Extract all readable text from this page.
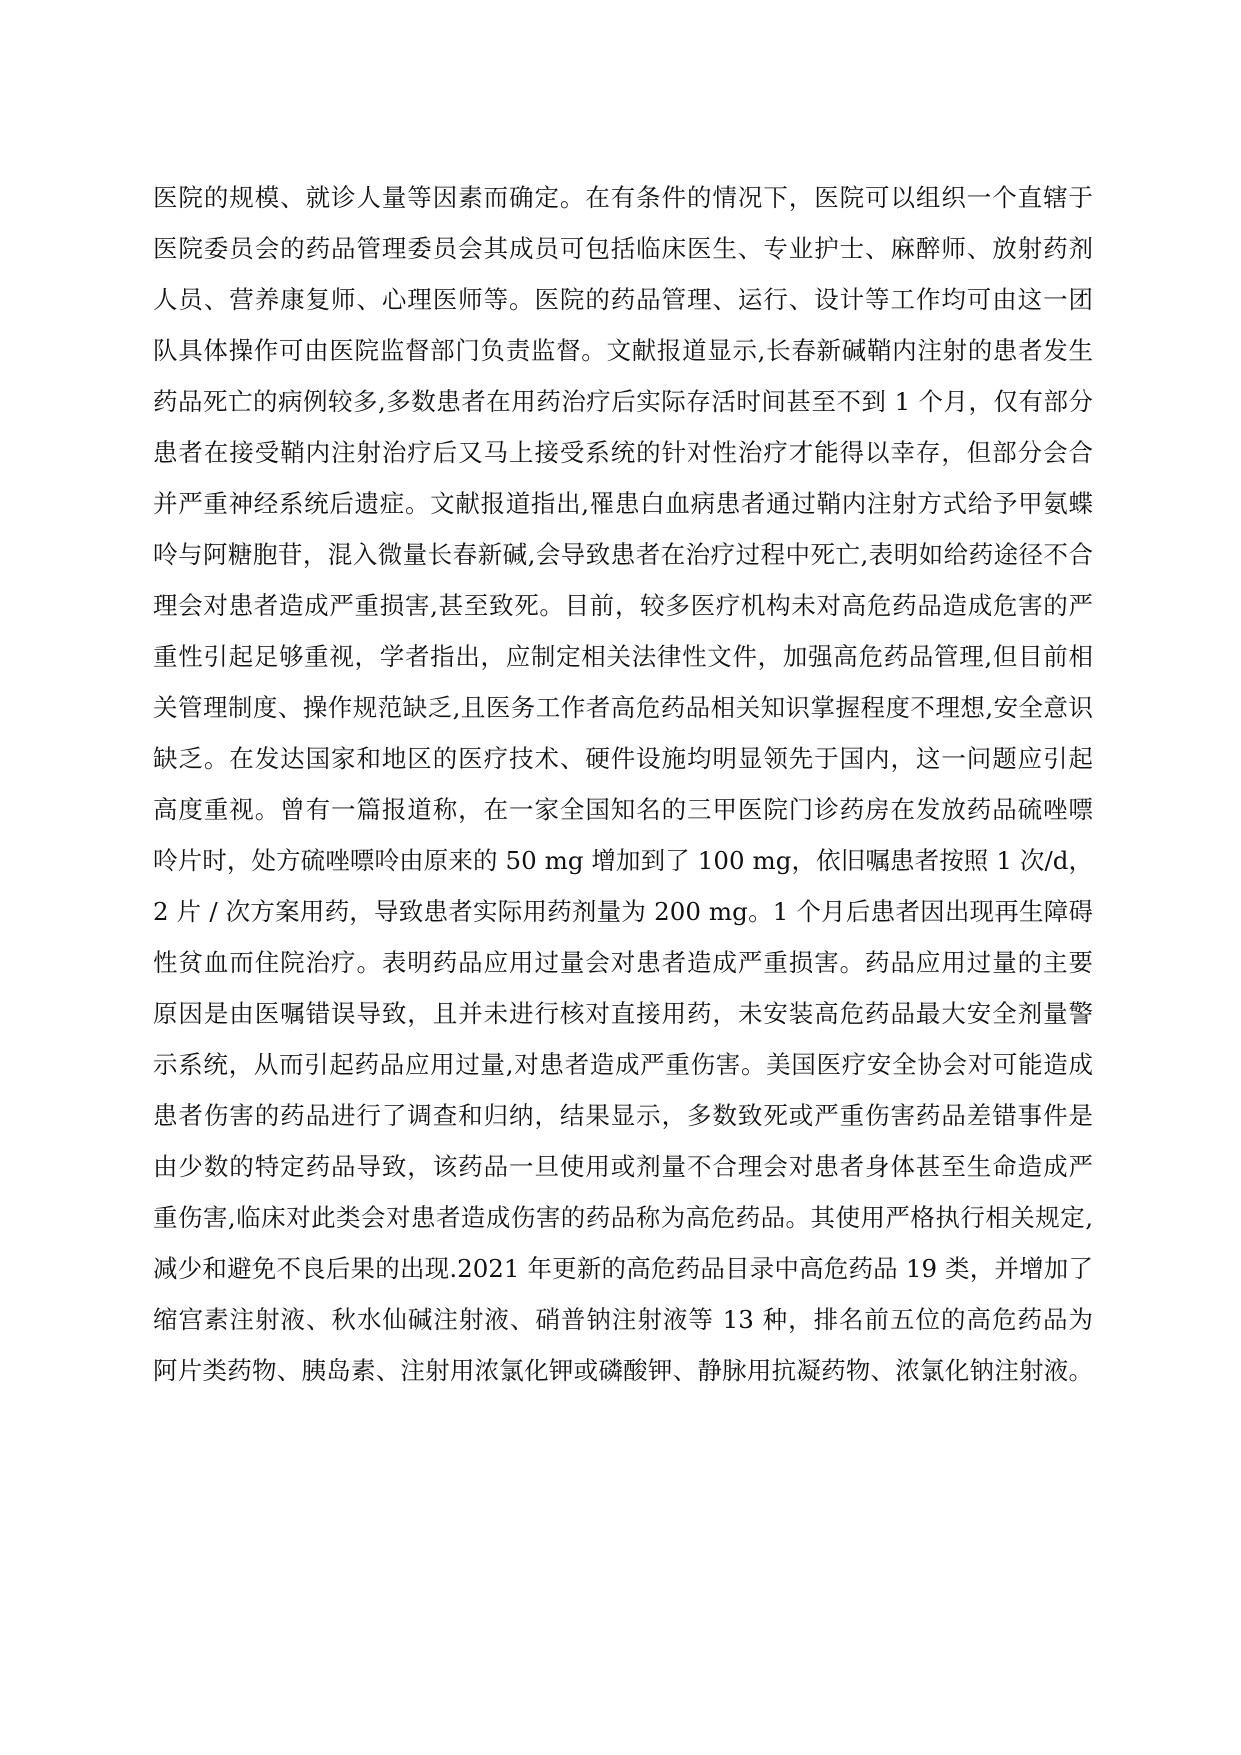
医院的规模、就诊人量等因素而确定。在有条件的情况下，医院可以组织一个直辖于
医院委员会的药品管理委员会其成员可包括临床医生、专业护士、麻醉师、放射药剂
人员、营养康复师、心理医师等。医院的药品管理、运行、设计等工作均可由这一团
队具体操作可由医院监督部门负责监督。文献报道显示,长春新碱鞘内注射的患者发生
药品死亡的病例较多,多数患者在用药治疗后实际存活时间甚至不到 1 个月，仅有部分
患者在接受鞘内注射治疗后又马上接受系统的针对性治疗才能得以幸存，但部分会合
并严重神经系统后遗症。文献报道指出,罹患白血病患者通过鞘内注射方式给予甲氨蝶
呤与阿糖胞苷，混入微量长春新碱,会导致患者在治疗过程中死亡,表明如给药途径不合
理会对患者造成严重损害,甚至致死。目前，较多医疗机构未对高危药品造成危害的严
重性引起足够重视，学者指出，应制定相关法律性文件，加强高危药品管理,但目前相
关管理制度、操作规范缺乏,且医务工作者高危药品相关知识掌握程度不理想,安全意识
缺乏。在发达国家和地区的医疗技术、硬件设施均明显领先于国内，这一问题应引起
高度重视。曾有一篇报道称，在一家全国知名的三甲医院门诊药房在发放药品硫唑嘌
呤片时，处方硫唑嘌呤由原来的 50 mg 增加到了 100 mg，依旧嘱患者按照 1 次/d，
2 片 / 次方案用药，导致患者实际用药剂量为 200 mg。1 个月后患者因出现再生障碍
性贫血而住院治疗。表明药品应用过量会对患者造成严重损害。药品应用过量的主要
原因是由医嘱错误导致，且并未进行核对直接用药，未安装高危药品最大安全剂量警
示系统，从而引起药品应用过量,对患者造成严重伤害。美国医疗安全协会对可能造成
患者伤害的药品进行了调查和归纳，结果显示，多数致死或严重伤害药品差错事件是
由少数的特定药品导致，该药品一旦使用或剂量不合理会对患者身体甚至生命造成严
重伤害,临床对此类会对患者造成伤害的药品称为高危药品。其使用严格执行相关规定,
减少和避免不良后果的出现.2021 年更新的高危药品目录中高危药品 19 类，并增加了
缩宫素注射液、秋水仙碱注射液、硝普钠注射液等 13 种，排名前五位的高危药品为
阿片类药物、胰岛素、注射用浓氯化钾或磷酸钾、静脉用抗凝药物、浓氯化钠注射液。
